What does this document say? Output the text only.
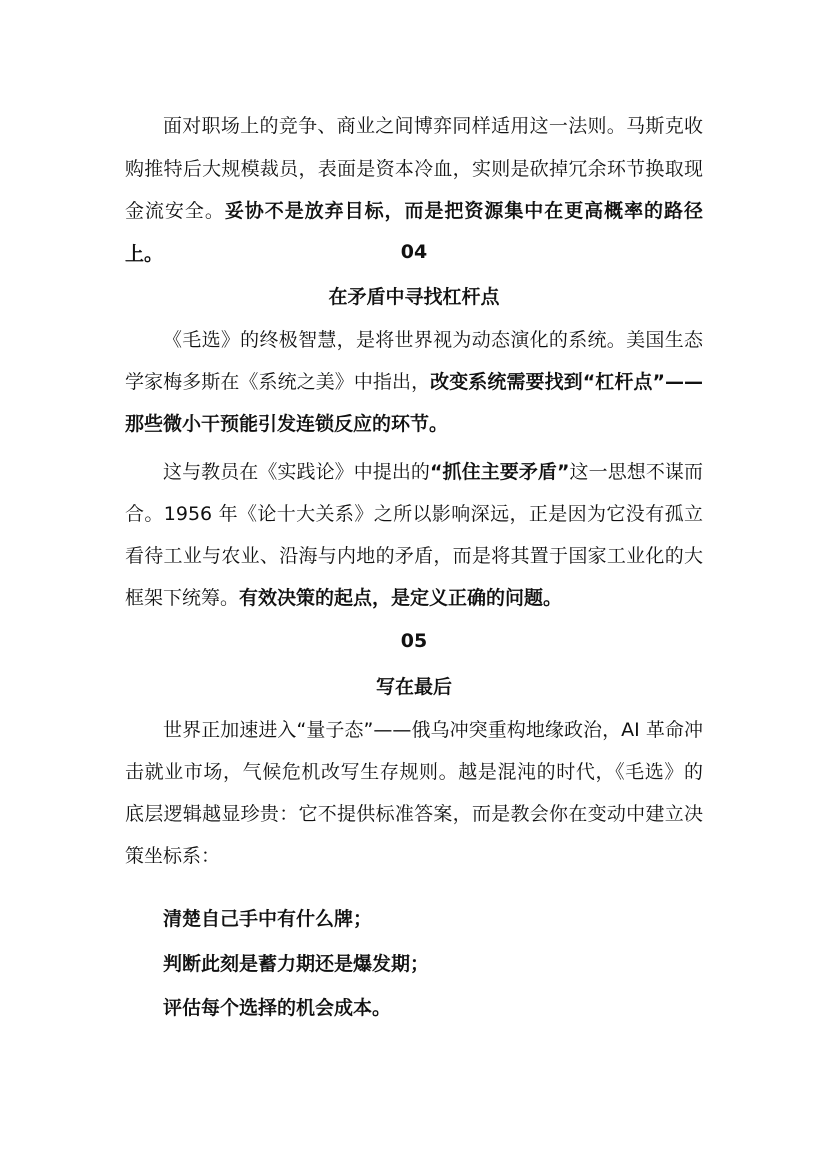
面对职场上的竞争、商业之间博弈同样适用这一法则。马斯克收购推特后大规模裁员，表面是资本冷血，实则是砍掉冗余环节换取现金流安全。妥协不是放弃目标，而是把资源集中在更高概率的路径上。	04
在矛盾中寻找杠杆点

《毛选》的终极智慧，是将世界视为动态演化的系统。美国生态学家梅多斯在《系统之美》中指出，改变系统需要找到“杠杆点”——那些微小干预能引发连锁反应的环节。

这与教员在《实践论》中提出的“抓住主要矛盾”这一思想不谋而合。1956 年《论十大关系》之所以影响深远，正是因为它没有孤立看待工业与农业、沿海与内地的矛盾，而是将其置于国家工业化的大框架下统筹。有效决策的起点，是定义正确的问题。

05
写在最后

世界正加速进入“量子态”——俄乌冲突重构地缘政治，AI 革命冲击就业市场，气候危机改写生存规则。越是混沌的时代，《毛选》的底层逻辑越显珍贵：它不提供标准答案，而是教会你在变动中建立决策坐标系：

清楚自己手中有什么牌；
判断此刻是蓄力期还是爆发期；
评估每个选择的机会成本。
